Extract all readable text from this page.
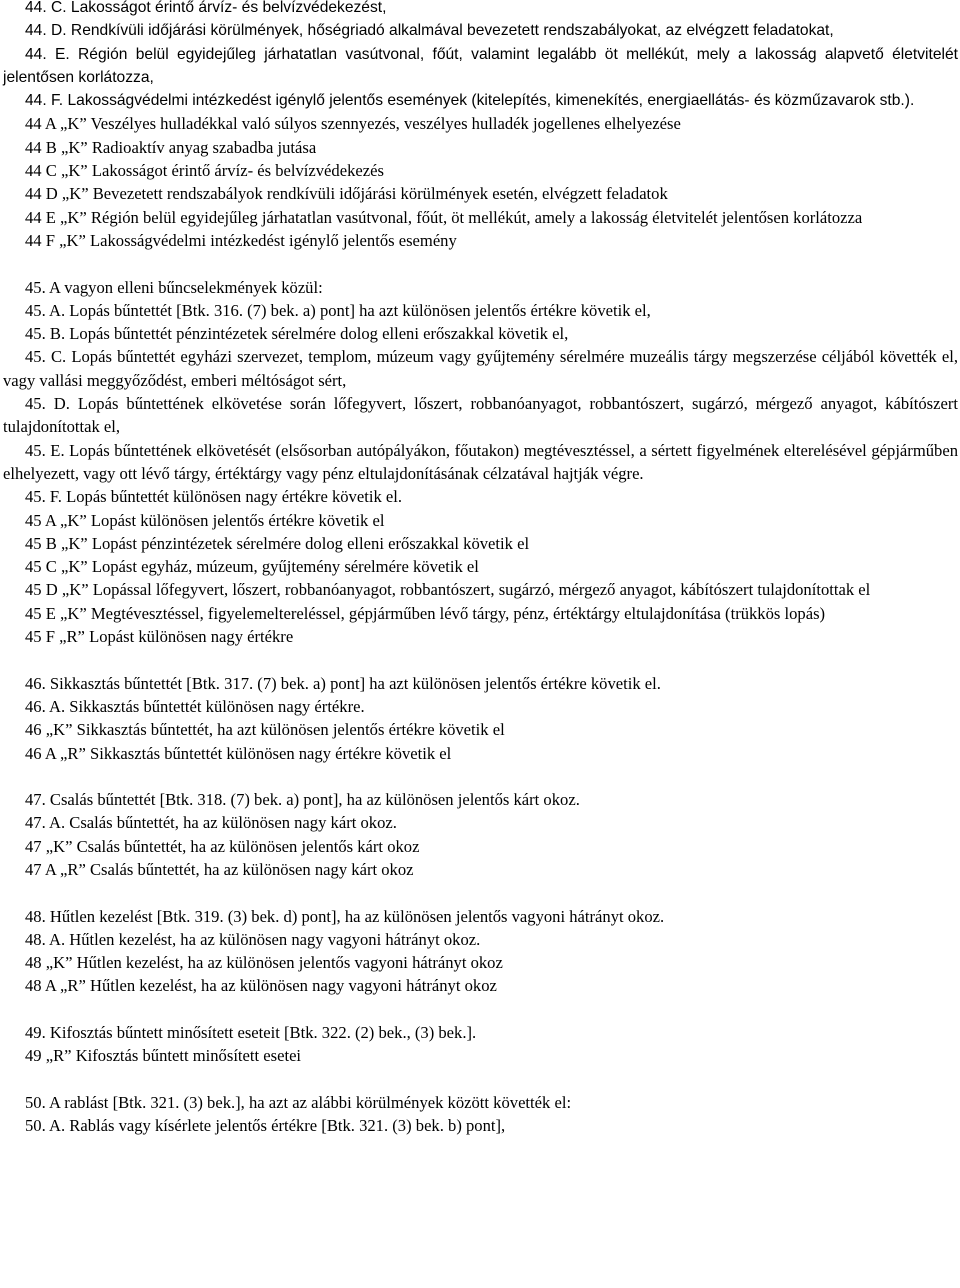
44. C. Lakosságot érintő árvíz- és belvízvédekezést,

44. D. Rendkívüli időjárási körülmények, hőségriadó alkalmával bevezetett rendszabályokat, az elvégzett feladatokat,

44. E. Régión belül egyidejűleg járhatatlan vasútvonal, főút, valamint legalább öt mellékút, mely a lakosság alapvető életvitelét jelentősen korlátozza,

44. F. Lakosságvédelmi intézkedést igénylő jelentős események (kitelepítés, kimenekítés, energiaellátás- és közműzavarok stb.).

44 A „K” Veszélyes hulladékkal való súlyos szennyezés, veszélyes hulladék jogellenes elhelyezése

44 B „K” Radioaktív anyag szabadba jutása

44 C „K” Lakosságot érintő árvíz- és belvízvédekezés

44 D „K” Bevezetett rendszabályok rendkívüli időjárási körülmények esetén, elvégzett feladatok

44 E „K” Régión belül egyidejűleg járhatatlan vasútvonal, főút, öt mellékút, amely a lakosság életvitelét jelentősen korlátozza

44 F „K” Lakosságvédelmi intézkedést igénylő jelentős esemény

45. A vagyon elleni bűncselekmények közül:

45. A. Lopás bűntettét [Btk. 316. (7) bek. a) pont] ha azt különösen jelentős értékre követik el,

45. B. Lopás bűntettét pénzintézetek sérelmére dolog elleni erőszakkal követik el,

45. C. Lopás bűntettét egyházi szervezet, templom, múzeum vagy gyűjtemény sérelmére muzeális tárgy megszerzése céljából követték el, vagy vallási meggyőződést, emberi méltóságot sért,

45. D. Lopás bűntettének elkövetése során lőfegyvert, lőszert, robbanóanyagot, robbantószert, sugárzó, mérgező anyagot, kábítószert tulajdonítottak el,

45. E. Lopás bűntettének elkövetését (elsősorban autópályákon, főutakon) megtévesztéssel, a sértett figyelmének elterelésével gépjárműben elhelyezett, vagy ott lévő tárgy, értéktárgy vagy pénz eltulajdonításának célzatával hajtják végre.

45. F. Lopás bűntettét különösen nagy értékre követik el.

45 A „K” Lopást különösen jelentős értékre követik el

45 B „K” Lopást pénzintézetek sérelmére dolog elleni erőszakkal követik el

45 C „K” Lopást egyház, múzeum, gyűjtemény sérelmére követik el

45 D „K” Lopással lőfegyvert, lőszert, robbanóanyagot, robbantószert, sugárzó, mérgező anyagot, kábítószert tulajdonítottak el

45 E „K” Megtévesztéssel, figyelemeltereléssel, gépjárműben lévő tárgy, pénz, értéktárgy eltulajdonítása (trükkös lopás)

45 F „R” Lopást különösen nagy értékre

46. Sikkasztás bűntettét [Btk. 317. (7) bek. a) pont] ha azt különösen jelentős értékre követik el.

46. A. Sikkasztás bűntettét különösen nagy értékre.

46 „K” Sikkasztás bűntettét, ha azt különösen jelentős értékre követik el

46 A „R” Sikkasztás bűntettét különösen nagy értékre követik el

47. Csalás bűntettét [Btk. 318. (7) bek. a) pont], ha az különösen jelentős kárt okoz.

47. A. Csalás bűntettét, ha az különösen nagy kárt okoz.

47 „K” Csalás bűntettét, ha az különösen jelentős kárt okoz

47 A „R” Csalás bűntettét, ha az különösen nagy kárt okoz

48. Hűtlen kezelést [Btk. 319. (3) bek. d) pont], ha az különösen jelentős vagyoni hátrányt okoz.

48. A. Hűtlen kezelést, ha az különösen nagy vagyoni hátrányt okoz.

48 „K” Hűtlen kezelést, ha az különösen jelentős vagyoni hátrányt okoz

48 A „R” Hűtlen kezelést, ha az különösen nagy vagyoni hátrányt okoz

49. Kifosztás bűntett minősített eseteit [Btk. 322. (2) bek., (3) bek.].

49 „R” Kifosztás bűntett minősített esetei

50. A rablást [Btk. 321. (3) bek.], ha azt az alábbi körülmények között követték el:

50. A. Rablás vagy kísérlete jelentős értékre [Btk. 321. (3) bek. b) pont],
